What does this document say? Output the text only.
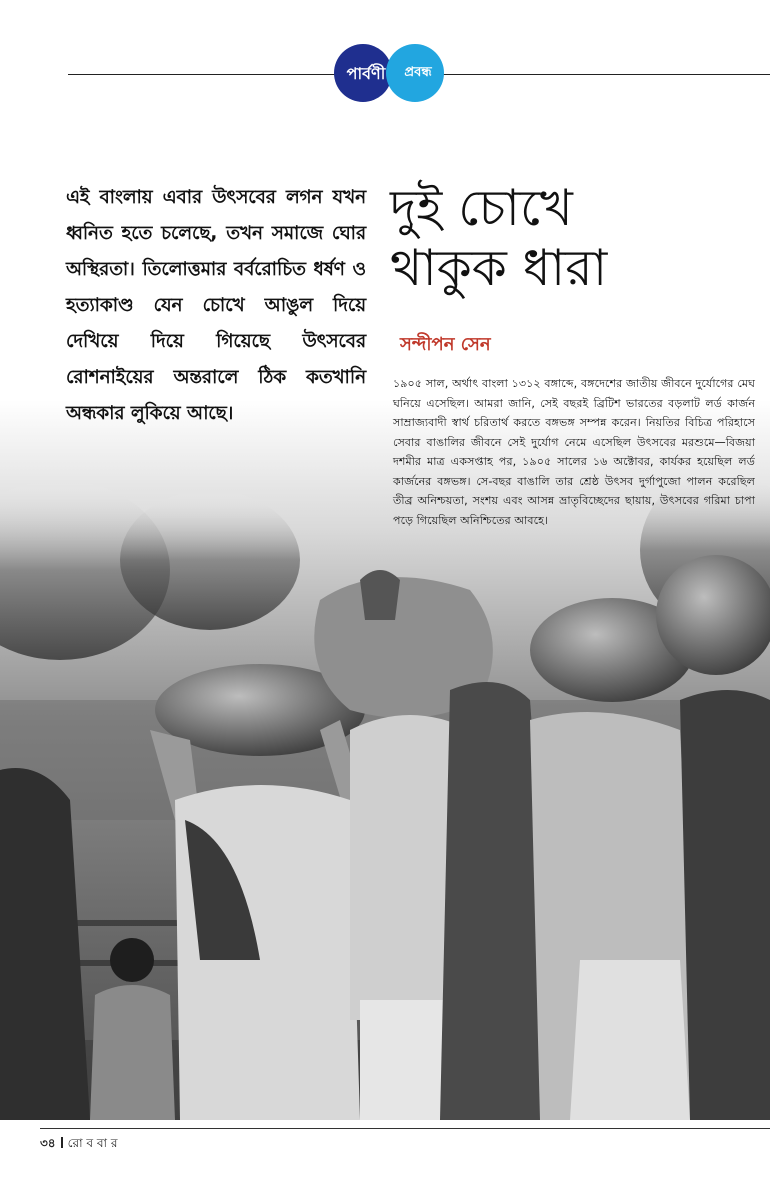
পার্বণী	প্রবন্ধ

এই বাংলায় এবার উৎসবের লগন যখন ধ্বনিত হতে চলেছে, তখন সমাজে ঘোর অস্থিরতা। তিলোত্তমার বর্বরোচিত ধর্ষণ ও হত্যাকাণ্ড যেন চোখে আঙুল দিয়ে দেখিয়ে দিয়ে গিয়েছে উৎসবের রোশনাইয়ের অন্তরালে ঠিক কতখানি অন্ধকার লুকিয়ে আছে।

দুই চোখে
থাকুক ধারা

সন্দীপন সেন

১৯০৫ সাল, অর্থাৎ বাংলা ১৩১২ বঙ্গাব্দে, বঙ্গদেশের জাতীয় জীবনে দুর্যোগের মেঘ ঘনিয়ে এসেছিল। আমরা জানি, সেই বছরই ব্রিটিশ ভারতের বড়লাট লর্ড কার্জন সাম্রাজ্যবাদী স্বার্থ চরিতার্থ করতে বঙ্গভঙ্গ সম্পন্ন করেন। নিয়তির বিচিত্র পরিহাসে সেবার বাঙালির জীবনে সেই দুর্যোগ নেমে এসেছিল উৎসবের মরশুমে—বিজয়া দশমীর মাত্র একসপ্তাহ পর, ১৯০৫ সালের ১৬ অক্টোবর, কার্যকর হয়েছিল লর্ড কার্জনের বঙ্গভঙ্গ। সে-বছর বাঙালি তার শ্রেষ্ঠ উৎসব দুর্গাপুজো পালন করেছিল তীব্র অনিশ্চয়তা, সংশয় এবং আসন্ন ভ্রাতৃবিচ্ছেদের ছায়ায়, উৎসবের গরিমা চাপা পড়ে গিয়েছিল অনিশ্চিতের আবহে।

৩৪ রো ব বা র
